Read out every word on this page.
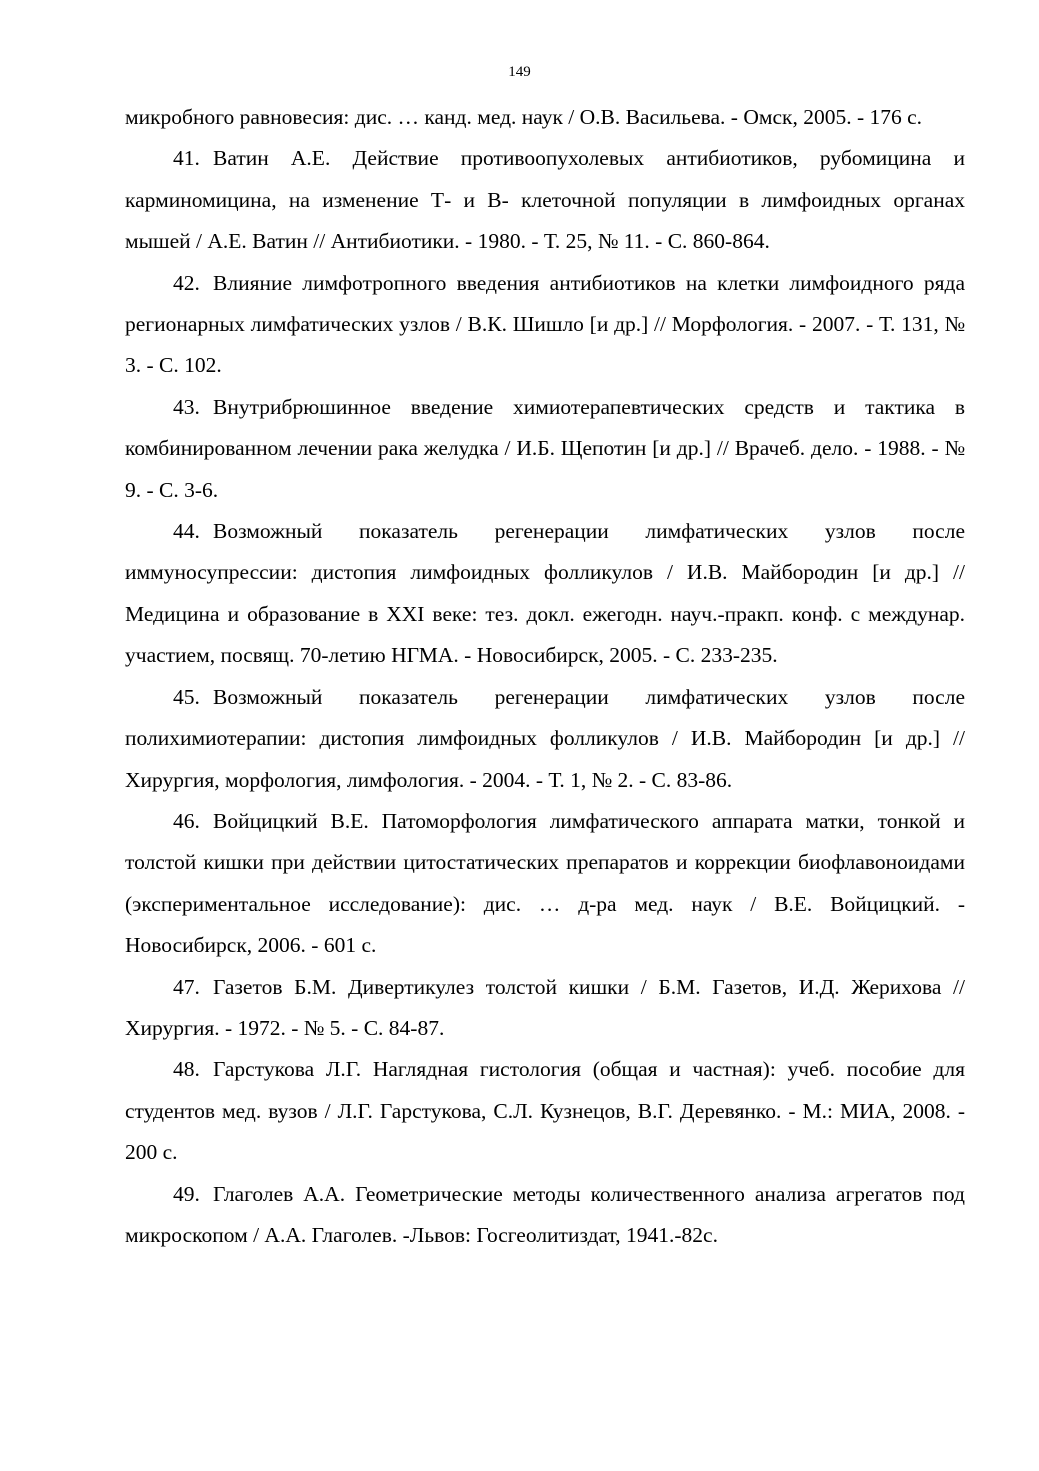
149

микробного равновесия: дис. … канд. мед. наук / О.В. Васильева. - Омск, 2005. - 176 с.

41. Ватин А.Е. Действие противоопухолевых антибиотиков, рубомицина и карминомицина, на изменение Т- и В- клеточной популяции в лимфоидных органах мышей / А.Е. Ватин // Антибиотики. - 1980. - Т. 25, № 11. - С. 860-864.

42. Влияние лимфотропного введения антибиотиков на клетки лимфоидного ряда регионарных лимфатических узлов / В.К. Шишло [и др.] // Морфология. - 2007. - Т. 131, № 3. - С. 102.

43. Внутрибрюшинное введение химиотерапевтических средств и тактика в комбинированном лечении рака желудка / И.Б. Щепотин [и др.] // Врачеб. дело. - 1988. - № 9. - С. 3-6.

44. Возможный показатель регенерации лимфатических узлов после иммуносупрессии: дистопия лимфоидных фолликулов / И.В. Майбородин [и др.] // Медицина и образование в XXI веке: тез. докл. ежегодн. науч.-пракп. конф. с междунар. участием, посвящ. 70-летию НГМА. - Новосибирск, 2005. - С. 233-235.

45. Возможный показатель регенерации лимфатических узлов после полихимиотерапии: дистопия лимфоидных фолликулов / И.В. Майбородин [и др.] // Хирургия, морфология, лимфология. - 2004. - Т. 1, № 2. - С. 83-86.

46. Войцицкий В.Е. Патоморфология лимфатического аппарата матки, тонкой и толстой кишки при действии цитостатических препаратов и коррекции биофлавоноидами (экспериментальное исследование): дис. … д-ра мед. наук / В.Е. Войцицкий. - Новосибирск, 2006. - 601 с.

47. Газетов Б.М. Дивертикулез толстой кишки / Б.М. Газетов, И.Д. Жерихова // Хирургия. - 1972. - № 5. - С. 84-87.

48. Гарстукова Л.Г. Наглядная гистология (общая и частная): учеб. пособие для студентов мед. вузов / Л.Г. Гарстукова, С.Л. Кузнецов, В.Г. Деревянко. - М.: МИА, 2008. - 200 с.

49. Глаголев А.А. Геометрические методы количественного анализа агрегатов под микроскопом / А.А. Глаголев. -Львов: Госгеолитиздат, 1941.-82с.
